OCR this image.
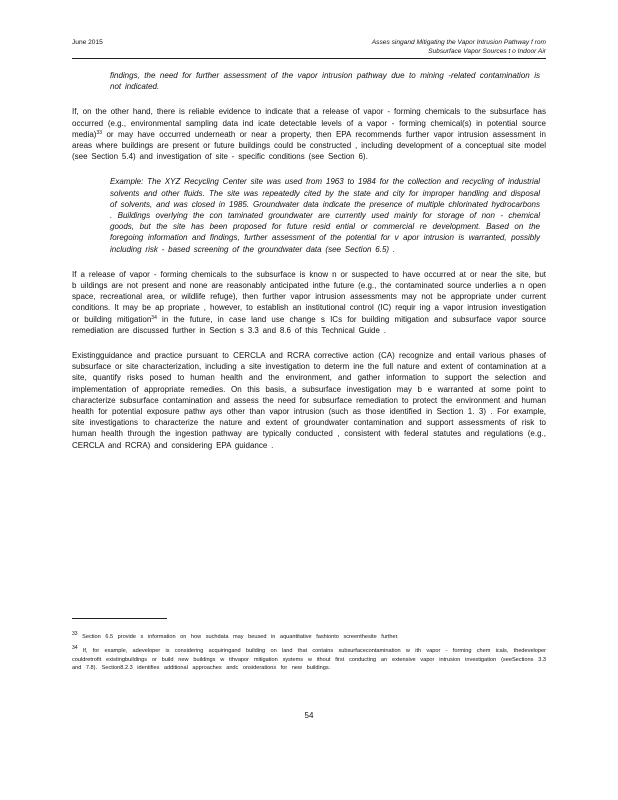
June 2015	Asses singand Mitigating the Vapor Intrusion Pathway f rom
Subsurface Vapor Sources t o Indoor Air

findings, the need for further assessment of the vapor intrusion pathway due to mining -related contamination is not indicated.

If, on the other hand, there is reliable evidence to indicate that a release of vapor - forming chemicals to the subsurface has occurred (e.g., environmental sampling data ind icate detectable levels of a vapor - forming chemical(s) in potential source media)$^{33}$ or may have occurred underneath or near a property, then EPA recommends further vapor intrusion assessment in areas where buildings are present or future buildings could be constructed , including development of a conceptual site model (see Section 5.4) and investigation of site - specific conditions (see Section 6).

Example: The XYZ Recycling Center site was used from 1963 to 1984 for the collection and recycling of industrial solvents and other fluids. The site was repeatedly cited by the state and city for improper handling and disposal of solvents, and was closed in 1985. Groundwater data indicate the presence of multiple chlorinated hydrocarbons . Buildings overlying the con taminated groundwater are currently used mainly for storage of non - chemical goods, but the site has been proposed for future resid ential or commercial re development. Based on the foregoing information and findings, further assessment of the potential for v apor intrusion is warranted, possibly including risk - based screening of the groundwater data (see Section 6.5) .

If a release of vapor - forming chemicals to the subsurface is know n or suspected to have occurred at or near the site, but b uildings are not present and none are reasonably anticipated inthe future (e.g., the contaminated source underlies a n open space, recreational area, or wildlife refuge), then further vapor intrusion assessments may not be appropriate under current conditions. It may be ap propriate , however, to establish an institutional control (IC) requir ing a vapor intrusion investigation or building mitigation$^{34}$ in the future, in case land use change s ICs for building mitigation and subsurface vapor source remediation are discussed further in Section s 3.3 and 8.6 of this Technical Guide .

Existingguidance and practice pursuant to CERCLA and RCRA corrective action (CA) recognize and entail various phases of subsurface or site characterization, including a site investigation to determ ine the full nature and extent of contamination at a site, quantify risks posed to human health and the environment, and gather information to support the selection and implementation of appropriate remedies. On this basis, a subsurface investigation may b e warranted at some point to characterize subsurface contamination and assess the need for subsurface remediation to protect the environment and human health for potential exposure pathw ays other than vapor intrusion (such as those identified in Section 1. 3) . For example, site investigations to characterize the nature and extent of groundwater contamination and support assessments of risk to human health through the ingestion pathway are typically conducted , consistent with federal statutes and regulations (e.g., CERCLA and RCRA) and considering EPA guidance .

$^{33}$ Section 6.5 provide s information on how suchdata may beused in aquantitative fashionto screenthesite further.

$^{34}$ If, for example, adeveloper is considering acquiringand building on land that contains subsurfacecontamination w ith vapor - forming chem icals, thedeveloper couldretrofit existingbuildings or build new buildings w ithvapor mitigation systems w ithout first conducting an extensive vapor intrusion investigation (seeSections 3.3 and 7.8). Section8.2.3 identifies additional approaches andc onsiderations for new buildings.

54
